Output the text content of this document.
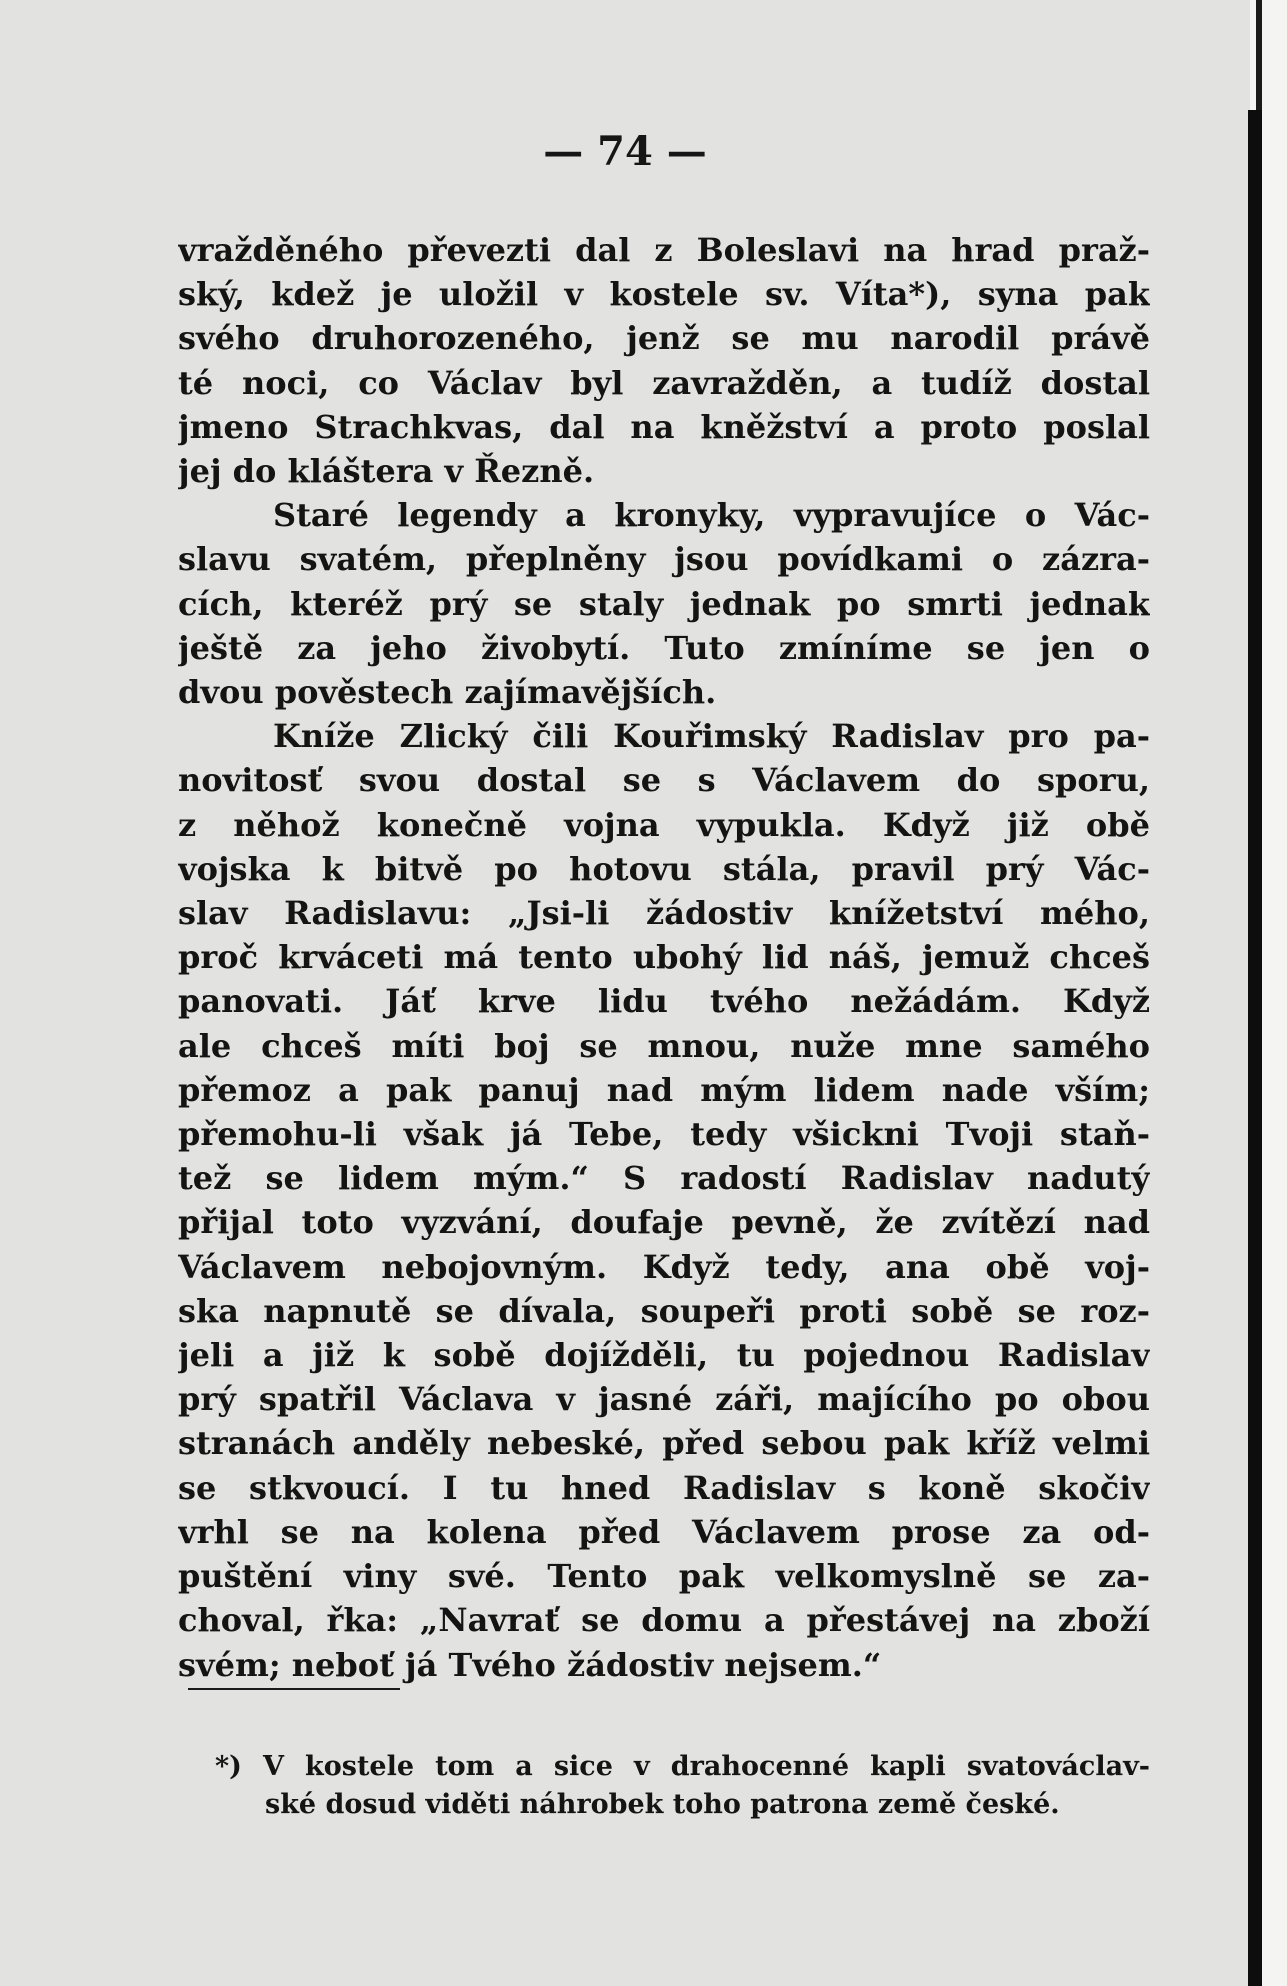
— 74 —
vražděného převezti dal z Boleslavi na hrad praž-
ský, kdež je uložil v kostele sv. Víta*), syna pak
svého druhorozeného, jenž se mu narodil právě
té noci, co Václav byl zavražděn, a tudíž dostal
jmeno Strachkvas, dal na kněžství a proto poslal
jej do kláštera v Řezně.
Staré legendy a kronyky, vypravujíce o Vác-
slavu svatém, přeplněny jsou povídkami o zázra-
cích, kteréž prý se staly jednak po smrti jednak
ještě za jeho živobytí. Tuto zmíníme se jen o
dvou pověstech zajímavějších.
Kníže Zlický čili Kouřimský Radislav pro pa-
novitosť svou dostal se s Václavem do sporu,
z něhož konečně vojna vypukla. Když již obě
vojska k bitvě po hotovu stála, pravil prý Vác-
slav Radislavu: „Jsi-li žádostiv knížetství mého,
proč krváceti má tento ubohý lid náš, jemuž chceš
panovati. Jáť krve lidu tvého nežádám. Když
ale chceš míti boj se mnou, nuže mne samého
přemoz a pak panuj nad mým lidem nade vším;
přemohu-li však já Tebe, tedy všickni Tvoji staň-
tež se lidem mým.“ S radostí Radislav nadutý
přijal toto vyzvání, doufaje pevně, že zvítězí nad
Václavem nebojovným. Když tedy, ana obě voj-
ska napnutě se dívala, soupeři proti sobě se roz-
jeli a již k sobě dojížděli, tu pojednou Radislav
prý spatřil Václava v jasné záři, majícího po obou
stranách anděly nebeské, před sebou pak kříž velmi
se stkvoucí. I tu hned Radislav s koně skočiv
vrhl se na kolena před Václavem prose za od-
puštění viny své. Tento pak velkomyslně se za-
choval, řka: „Navrať se domu a přestávej na zboží
svém; neboť já Tvého žádostiv nejsem.“
*) V kostele tom a sice v drahocenné kapli svatováclav-
ské dosud viděti náhrobek toho patrona země české.
